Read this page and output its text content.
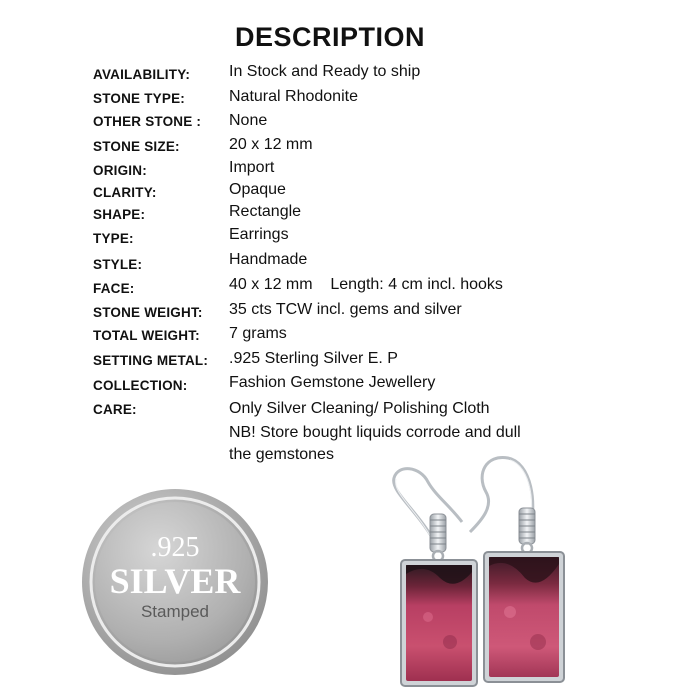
DESCRIPTION
AVAILABILITY: In Stock and Ready to ship
STONE TYPE:	Natural Rhodonite
OTHER STONE : None
STONE SIZE:	20 x 12 mm
ORIGIN:	Import
CLARITY:	Opaque
SHAPE:	Rectangle
TYPE:	Earrings
STYLE:	Handmade
FACE:	40 x 12 mm    Length: 4 cm incl. hooks
STONE WEIGHT: 35 cts TCW incl. gems and silver
TOTAL WEIGHT: 7 grams
SETTING METAL: .925 Sterling Silver E. P
COLLECTION:	Fashion Gemstone Jewellery
CARE:	Only Silver Cleaning/ Polishing Cloth
NB! Store bought liquids corrode and dull
the gemstones
.925
SILVER
Stamped
